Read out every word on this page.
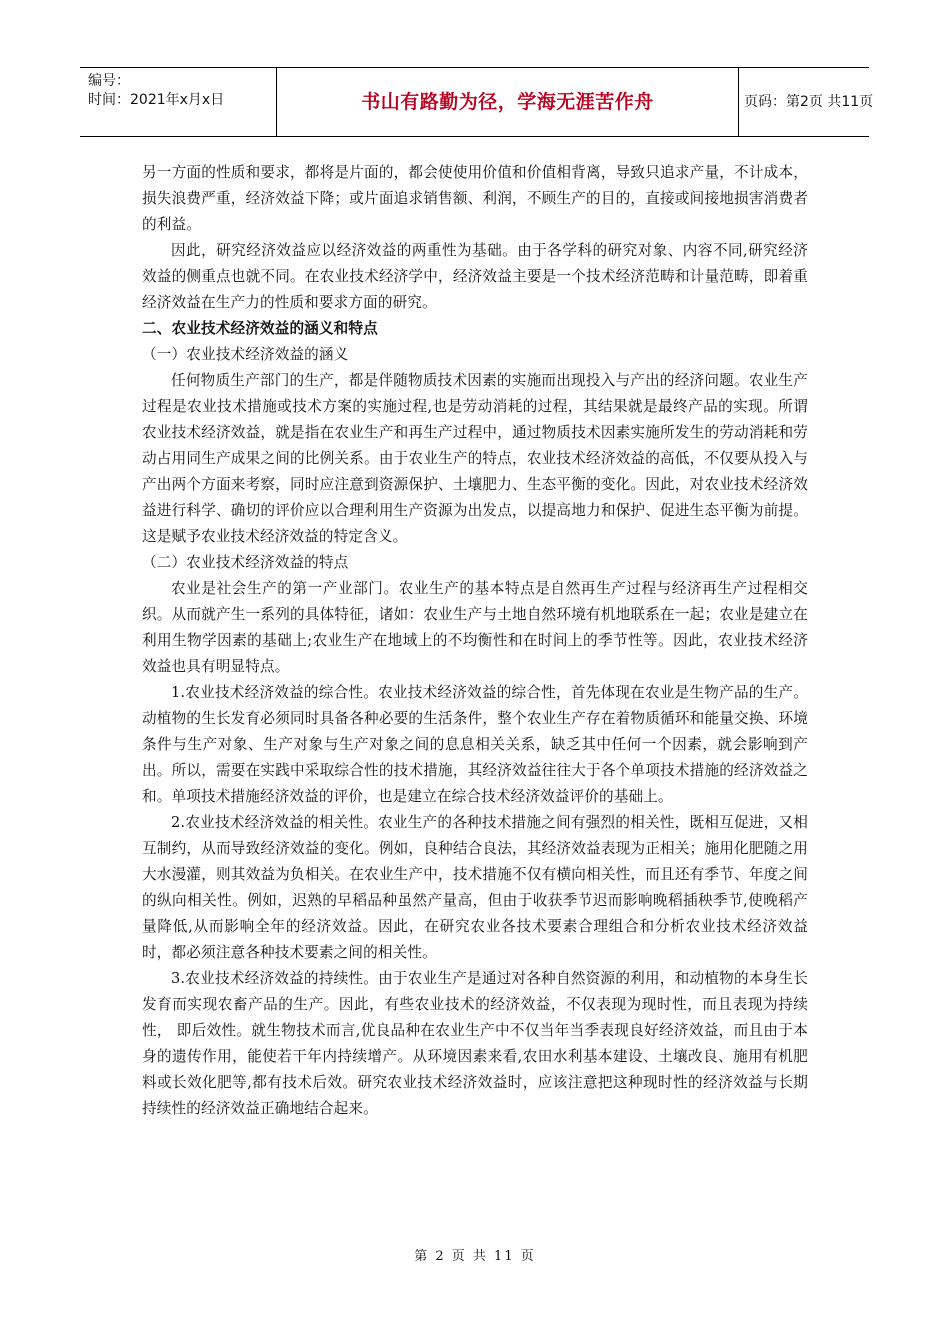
编号：
时间：2021年x月x日	书山有路勤为径，学海无涯苦作舟	页码：第2页 共11页

另一方面的性质和要求，都将是片面的，都会使使用价值和价值相背离，导致只追求产量，不计成本，损失浪费严重，经济效益下降；或片面追求销售额、利润，不顾生产的目的，直接或间接地损害消费者的利益。

因此，研究经济效益应以经济效益的两重性为基础。由于各学科的研究对象、内容不同,研究经济效益的侧重点也就不同。在农业技术经济学中，经济效益主要是一个技术经济范畴和计量范畴，即着重经济效益在生产力的性质和要求方面的研究。

二、农业技术经济效益的涵义和特点

（一）农业技术经济效益的涵义

任何物质生产部门的生产，都是伴随物质技术因素的实施而出现投入与产出的经济问题。农业生产过程是农业技术措施或技术方案的实施过程,也是劳动消耗的过程，其结果就是最终产品的实现。所谓农业技术经济效益，就是指在农业生产和再生产过程中，通过物质技术因素实施所发生的劳动消耗和劳动占用同生产成果之间的比例关系。由于农业生产的特点，农业技术经济效益的高低，不仅要从投入与产出两个方面来考察，同时应注意到资源保护、土壤肥力、生态平衡的变化。因此，对农业技术经济效益进行科学、确切的评价应以合理利用生产资源为出发点，以提高地力和保护、促进生态平衡为前提。这是赋予农业技术经济效益的特定含义。

（二）农业技术经济效益的特点

农业是社会生产的第一产业部门。农业生产的基本特点是自然再生产过程与经济再生产过程相交织。从而就产生一系列的具体特征，诸如：农业生产与土地自然环境有机地联系在一起；农业是建立在利用生物学因素的基础上;农业生产在地域上的不均衡性和在时间上的季节性等。因此，农业技术经济效益也具有明显特点。

1.农业技术经济效益的综合性。农业技术经济效益的综合性，首先体现在农业是生物产品的生产。动植物的生长发育必须同时具备各种必要的生活条件，整个农业生产存在着物质循环和能量交换、环境条件与生产对象、生产对象与生产对象之间的息息相关关系，缺乏其中任何一个因素，就会影响到产出。所以，需要在实践中采取综合性的技术措施，其经济效益往往大于各个单项技术措施的经济效益之和。单项技术措施经济效益的评价，也是建立在综合技术经济效益评价的基础上。

2.农业技术经济效益的相关性。农业生产的各种技术措施之间有强烈的相关性，既相互促进，又相互制约，从而导致经济效益的变化。例如，良种结合良法，其经济效益表现为正相关；施用化肥随之用大水漫灌，则其效益为负相关。在农业生产中，技术措施不仅有横向相关性，而且还有季节、年度之间的纵向相关性。例如，迟熟的早稻品种虽然产量高，但由于收获季节迟而影响晚稻插秧季节,使晚稻产量降低,从而影响全年的经济效益。因此，在研究农业各技术要素合理组合和分析农业技术经济效益时，都必须注意各种技术要素之间的相关性。

3.农业技术经济效益的持续性。由于农业生产是通过对各种自然资源的利用，和动植物的本身生长发育而实现农畜产品的生产。因此，有些农业技术的经济效益，不仅表现为现时性，而且表现为持续性， 即后效性。就生物技术而言,优良品种在农业生产中不仅当年当季表现良好经济效益，而且由于本身的遗传作用，能使若干年内持续增产。从环境因素来看,农田水利基本建设、土壤改良、施用有机肥料或长效化肥等,都有技术后效。研究农业技术经济效益时，应该注意把这种现时性的经济效益与长期持续性的经济效益正确地结合起来。

第 2 页 共 11 页
